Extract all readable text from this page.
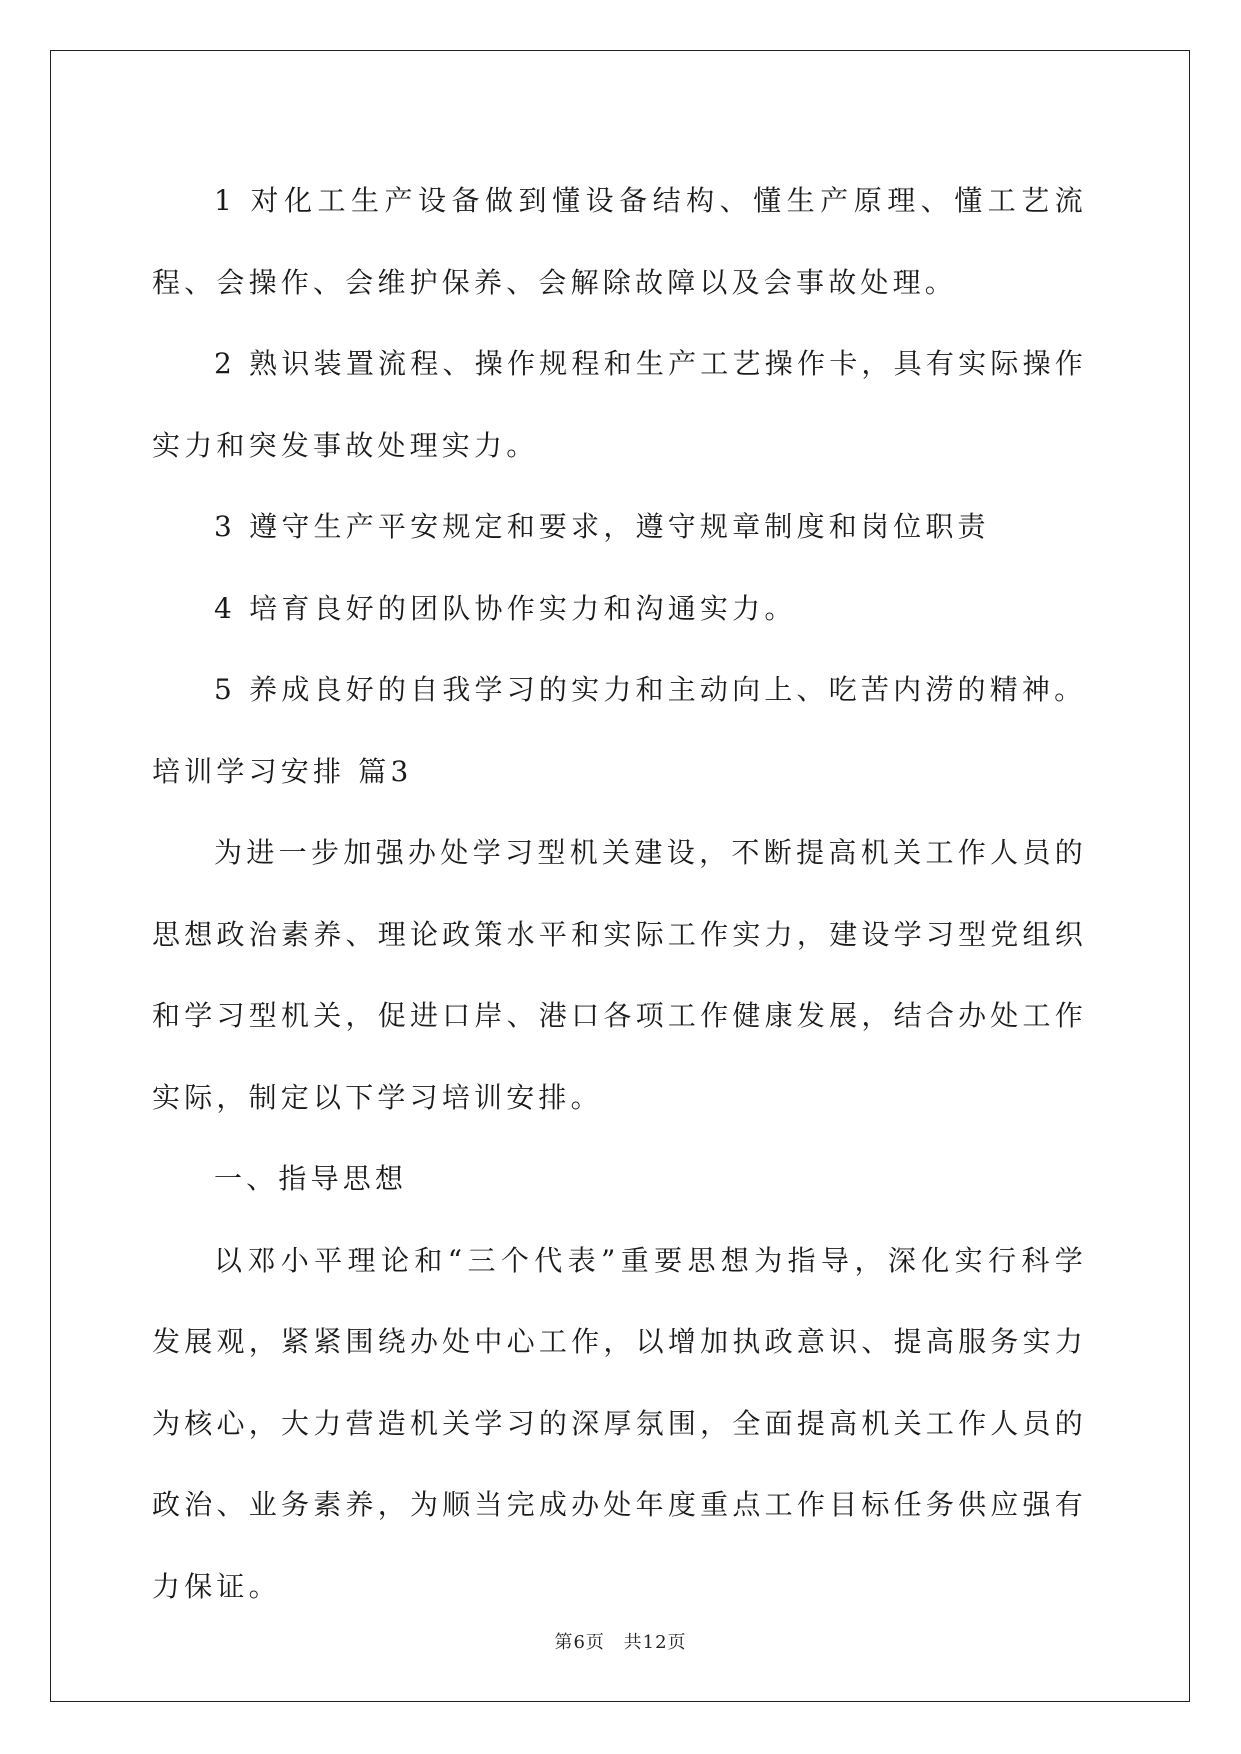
1 对化工生产设备做到懂设备结构、懂生产原理、懂工艺流程、会操作、会维护保养、会解除故障以及会事故处理。

2 熟识装置流程、操作规程和生产工艺操作卡，具有实际操作实力和突发事故处理实力。

3 遵守生产平安规定和要求，遵守规章制度和岗位职责

4 培育良好的团队协作实力和沟通实力。

5 养成良好的自我学习的实力和主动向上、吃苦内涝的精神。

培训学习安排 篇3

为进一步加强办处学习型机关建设，不断提高机关工作人员的思想政治素养、理论政策水平和实际工作实力，建设学习型党组织和学习型机关，促进口岸、港口各项工作健康发展，结合办处工作实际，制定以下学习培训安排。

一、指导思想

以邓小平理论和“三个代表”重要思想为指导，深化实行科学发展观，紧紧围绕办处中心工作，以增加执政意识、提高服务实力为核心，大力营造机关学习的深厚氛围，全面提高机关工作人员的政治、业务素养，为顺当完成办处年度重点工作目标任务供应强有力保证。

第6页 共12页
